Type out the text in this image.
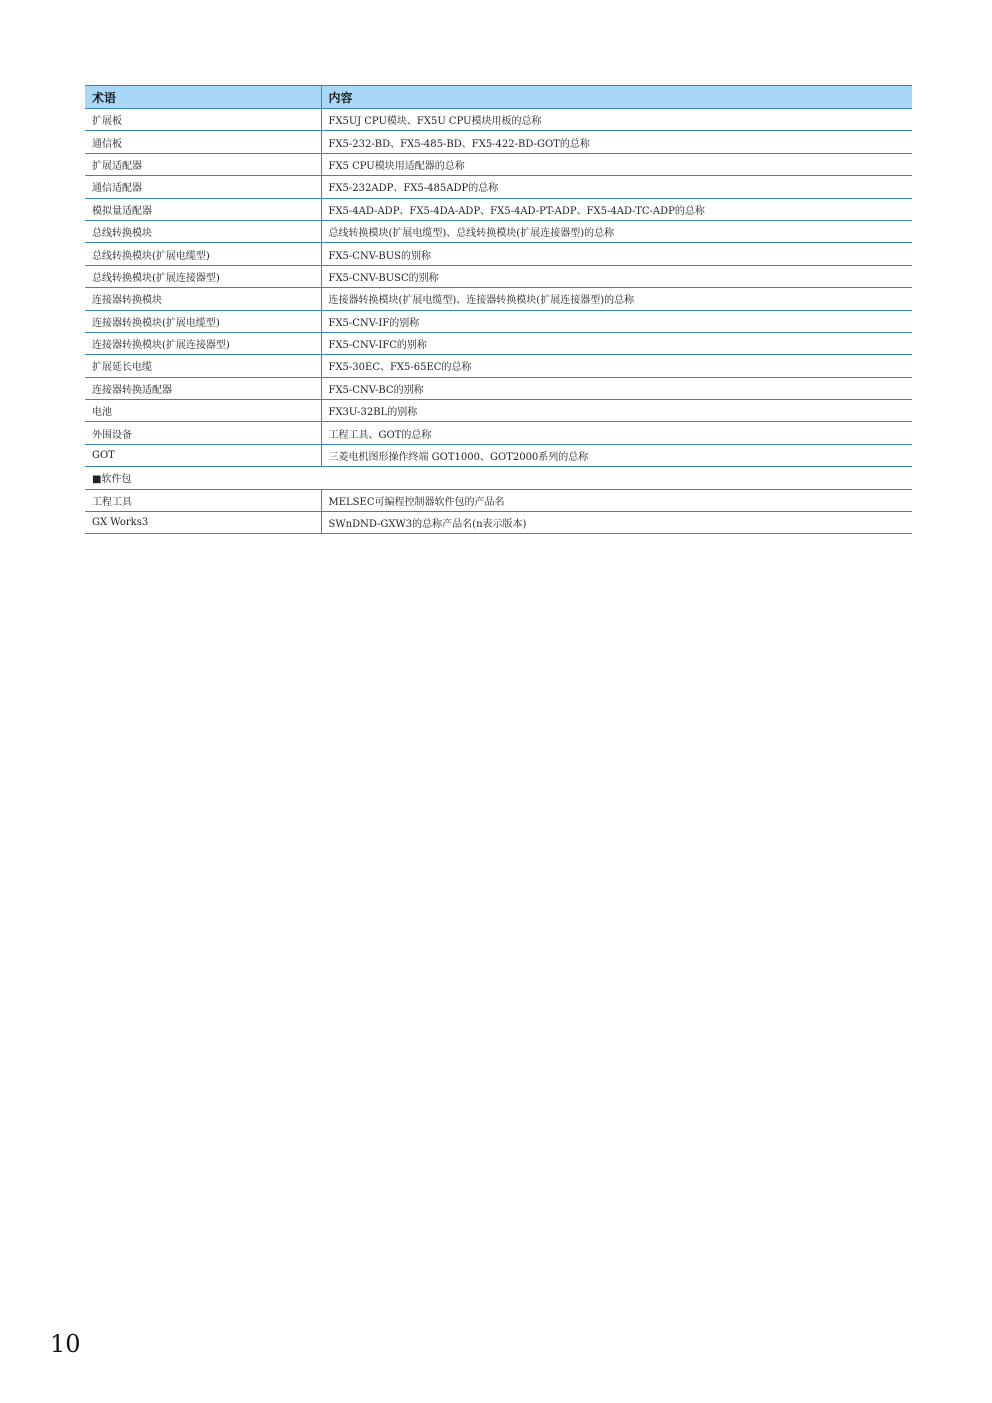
术语	内容
扩展板	FX5UJ CPU模块、FX5U CPU模块用板的总称
通信板	FX5-232-BD、FX5-485-BD、FX5-422-BD-GOT的总称
扩展适配器	FX5 CPU模块用适配器的总称
通信适配器	FX5-232ADP、FX5-485ADP的总称
模拟量适配器	FX5-4AD-ADP、FX5-4DA-ADP、FX5-4AD-PT-ADP、FX5-4AD-TC-ADP的总称
总线转换模块	总线转换模块(扩展电缆型)、总线转换模块(扩展连接器型)的总称
总线转换模块(扩展电缆型)	FX5-CNV-BUS的别称
总线转换模块(扩展连接器型)	FX5-CNV-BUSC的别称
连接器转换模块	连接器转换模块(扩展电缆型)、连接器转换模块(扩展连接器型)的总称
连接器转换模块(扩展电缆型)	FX5-CNV-IF的别称
连接器转换模块(扩展连接器型)	FX5-CNV-IFC的别称
扩展延长电缆	FX5-30EC、FX5-65EC的总称
连接器转换适配器	FX5-CNV-BC的别称
电池	FX3U-32BL的别称
外围设备	工程工具、GOT的总称
GOT	三菱电机图形操作终端 GOT1000、GOT2000系列的总称
■软件包	
工程工具	MELSEC可编程控制器软件包的产品名
GX Works3	SWnDND-GXW3的总称产品名(n表示版本)
10
